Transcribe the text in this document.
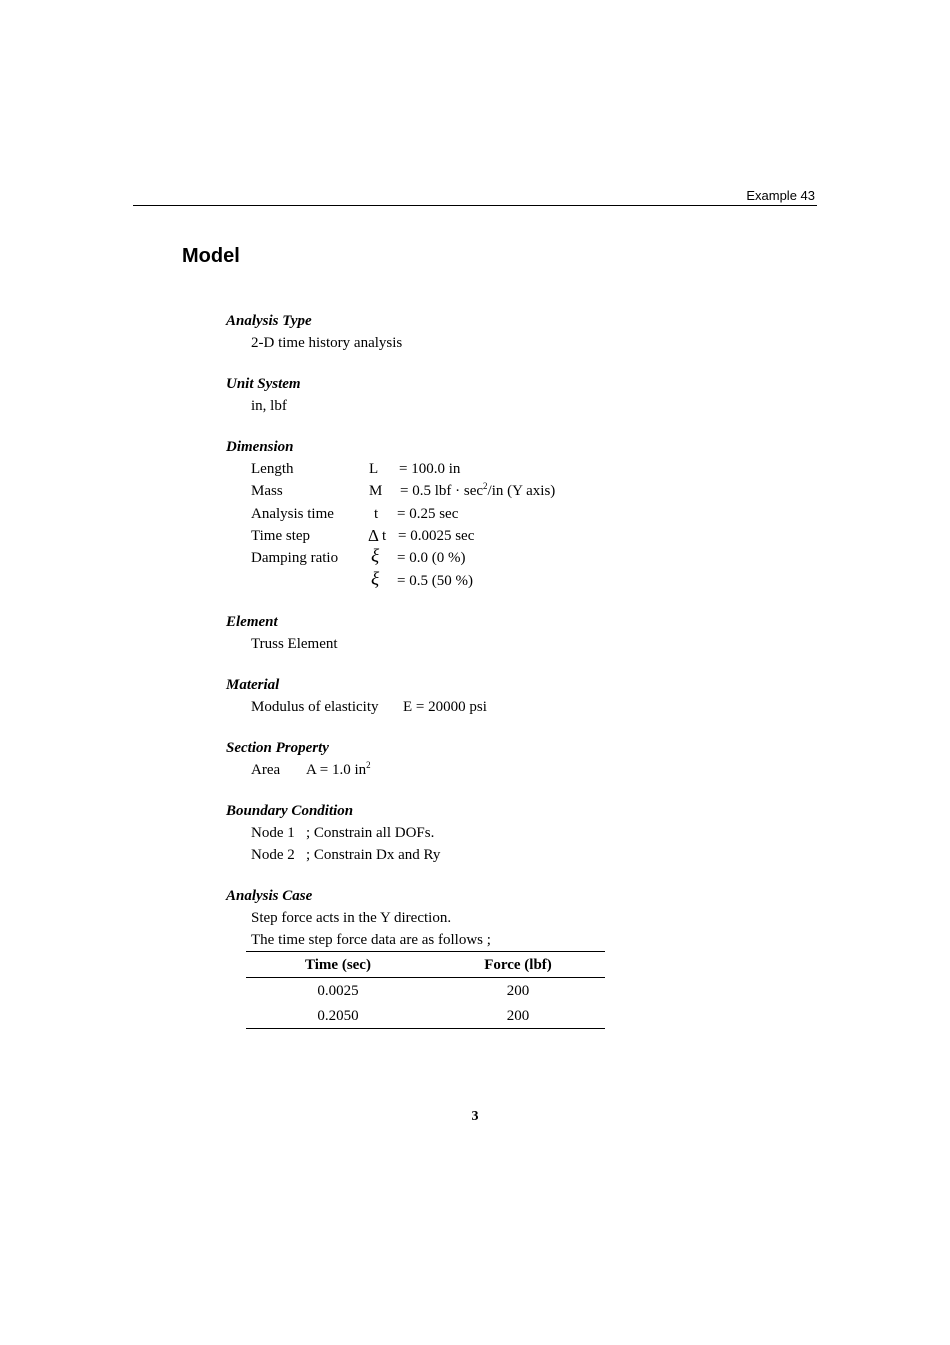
Example 43
Model
Analysis Type
2-D time history analysis
Unit System
in, lbf
Dimension
Length	L = 100.0 in
Mass	M = 0.5 lbf · $\sec^2/in$ (Y axis)
Analysis time	t = 0.25 sec
Time step	Δ t = 0.0025 sec
Damping ratio ξ = 0.0 (0 %)
ξ = 0.5 (50 %)
Element
Truss Element
Material
Modulus of elasticity E = 20000 psi
Section Property
Area A = 1.0 $in^2$
Boundary Condition
Node 1 ; Constrain all DOFs.
Node 2 ; Constrain Dx and Ry
Analysis Case
Step force acts in the Y direction.
The time step force data are as follows ;
Time (sec)	Force (lbf)
0.0025	200
0.2050	200
3
